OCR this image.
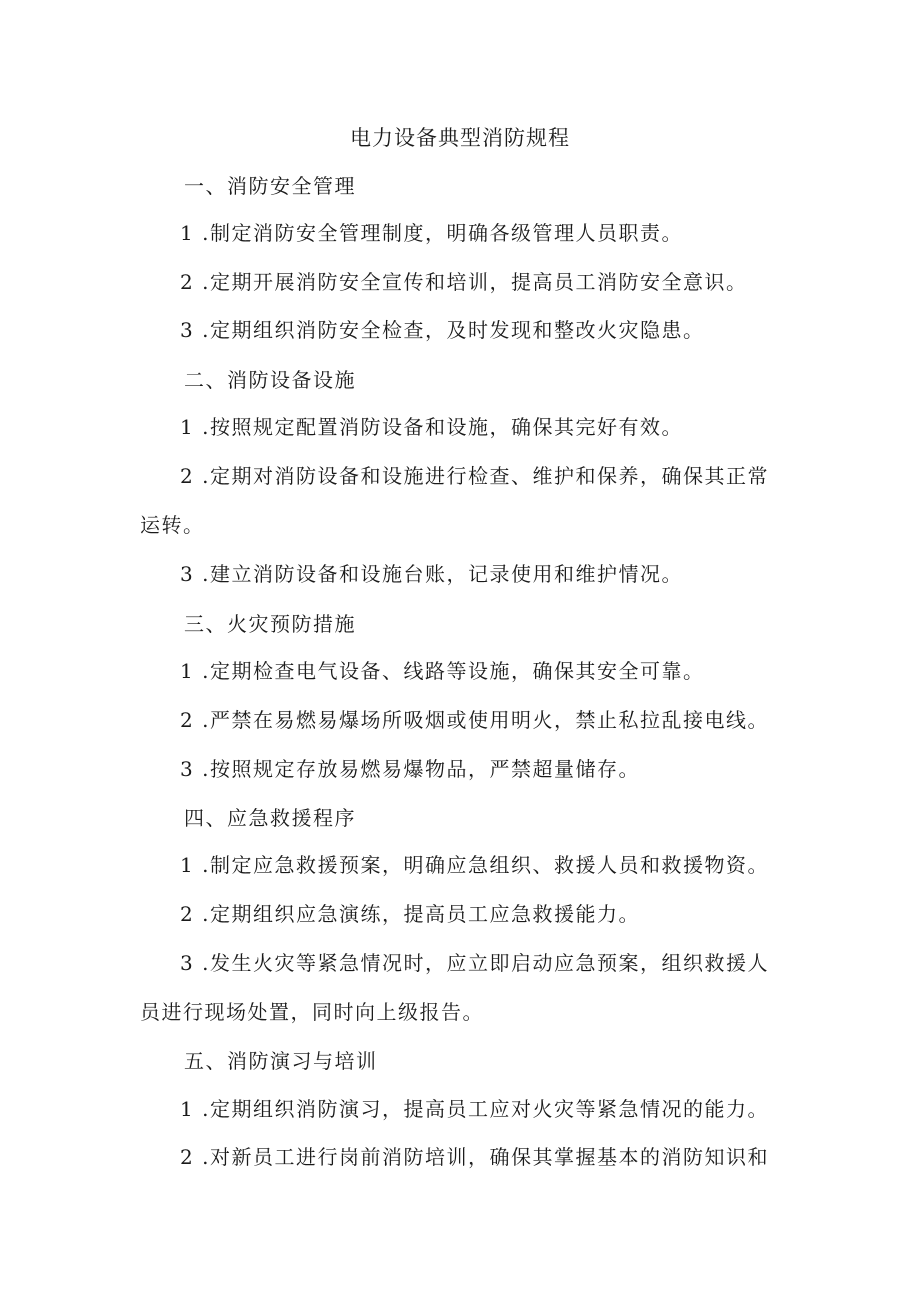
电力设备典型消防规程
一、消防安全管理
1 .制定消防安全管理制度，明确各级管理人员职责。
2 .定期开展消防安全宣传和培训，提高员工消防安全意识。
3 .定期组织消防安全检查，及时发现和整改火灾隐患。
二、消防设备设施
1 .按照规定配置消防设备和设施，确保其完好有效。
2 .定期对消防设备和设施进行检查、维护和保养，确保其正常
运转。
3 .建立消防设备和设施台账，记录使用和维护情况。
三、火灾预防措施
1 .定期检查电气设备、线路等设施，确保其安全可靠。
2 .严禁在易燃易爆场所吸烟或使用明火，禁止私拉乱接电线。
3 .按照规定存放易燃易爆物品，严禁超量储存。
四、应急救援程序
1 .制定应急救援预案，明确应急组织、救援人员和救援物资。
2 .定期组织应急演练，提高员工应急救援能力。
3 .发生火灾等紧急情况时，应立即启动应急预案，组织救援人
员进行现场处置，同时向上级报告。
五、消防演习与培训
1 .定期组织消防演习，提高员工应对火灾等紧急情况的能力。
2 .对新员工进行岗前消防培训，确保其掌握基本的消防知识和
